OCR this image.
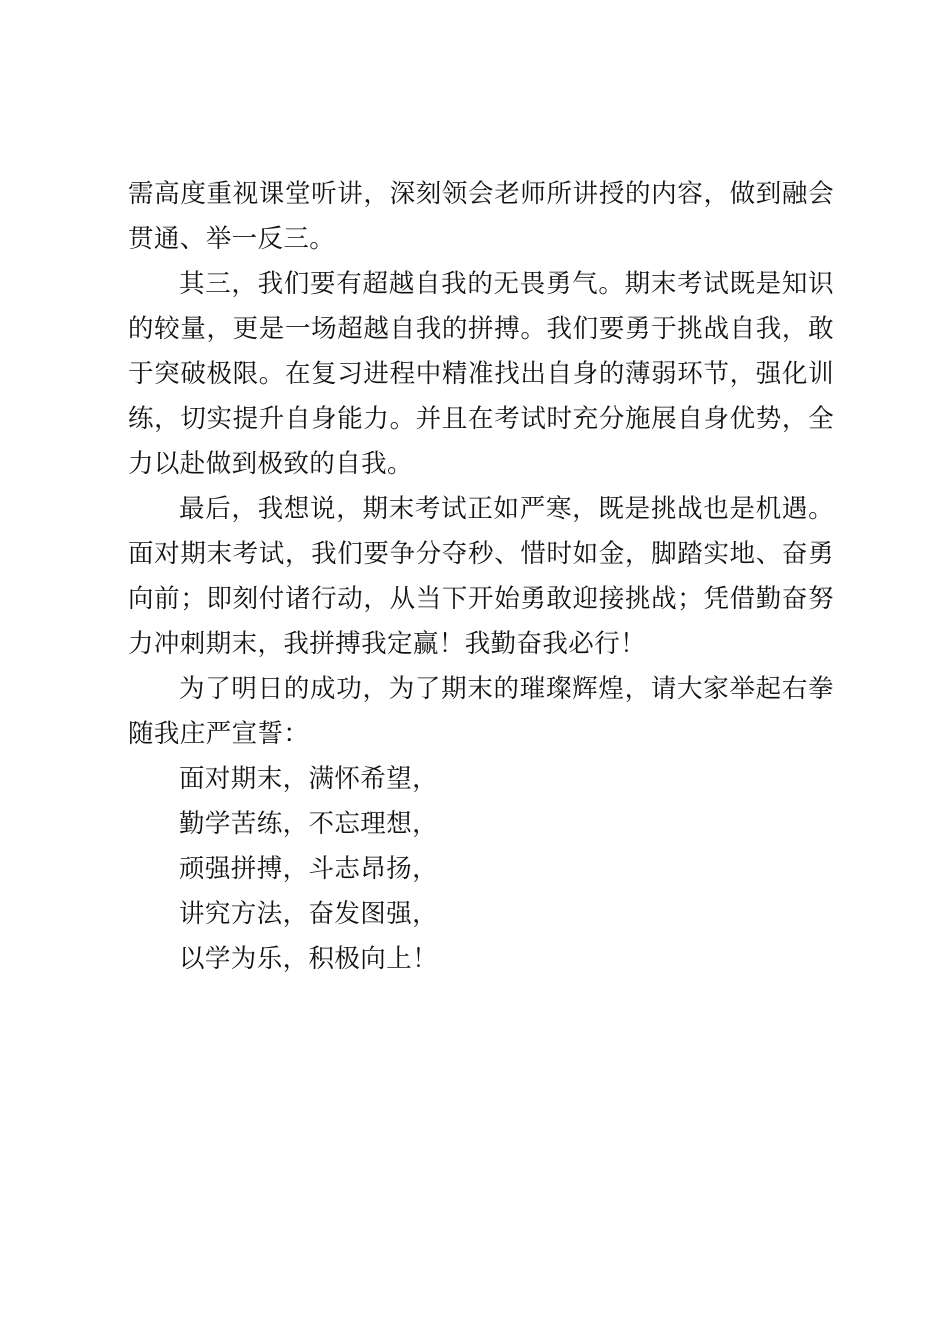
需高度重视课堂听讲，深刻领会老师所讲授的内容，做到融会贯通、举一反三。

其三，我们要有超越自我的无畏勇气。期末考试既是知识的较量，更是一场超越自我的拼搏。我们要勇于挑战自我，敢于突破极限。在复习进程中精准找出自身的薄弱环节，强化训练，切实提升自身能力。并且在考试时充分施展自身优势，全力以赴做到极致的自我。

最后，我想说，期末考试正如严寒，既是挑战也是机遇。面对期末考试，我们要争分夺秒、惜时如金，脚踏实地、奋勇向前；即刻付诸行动，从当下开始勇敢迎接挑战；凭借勤奋努力冲刺期末，我拼搏我定赢！我勤奋我必行！

为了明日的成功，为了期末的璀璨辉煌，请大家举起右拳随我庄严宣誓：

面对期末，满怀希望，
勤学苦练，不忘理想，
顽强拼搏，斗志昂扬，
讲究方法，奋发图强，
以学为乐，积极向上！
